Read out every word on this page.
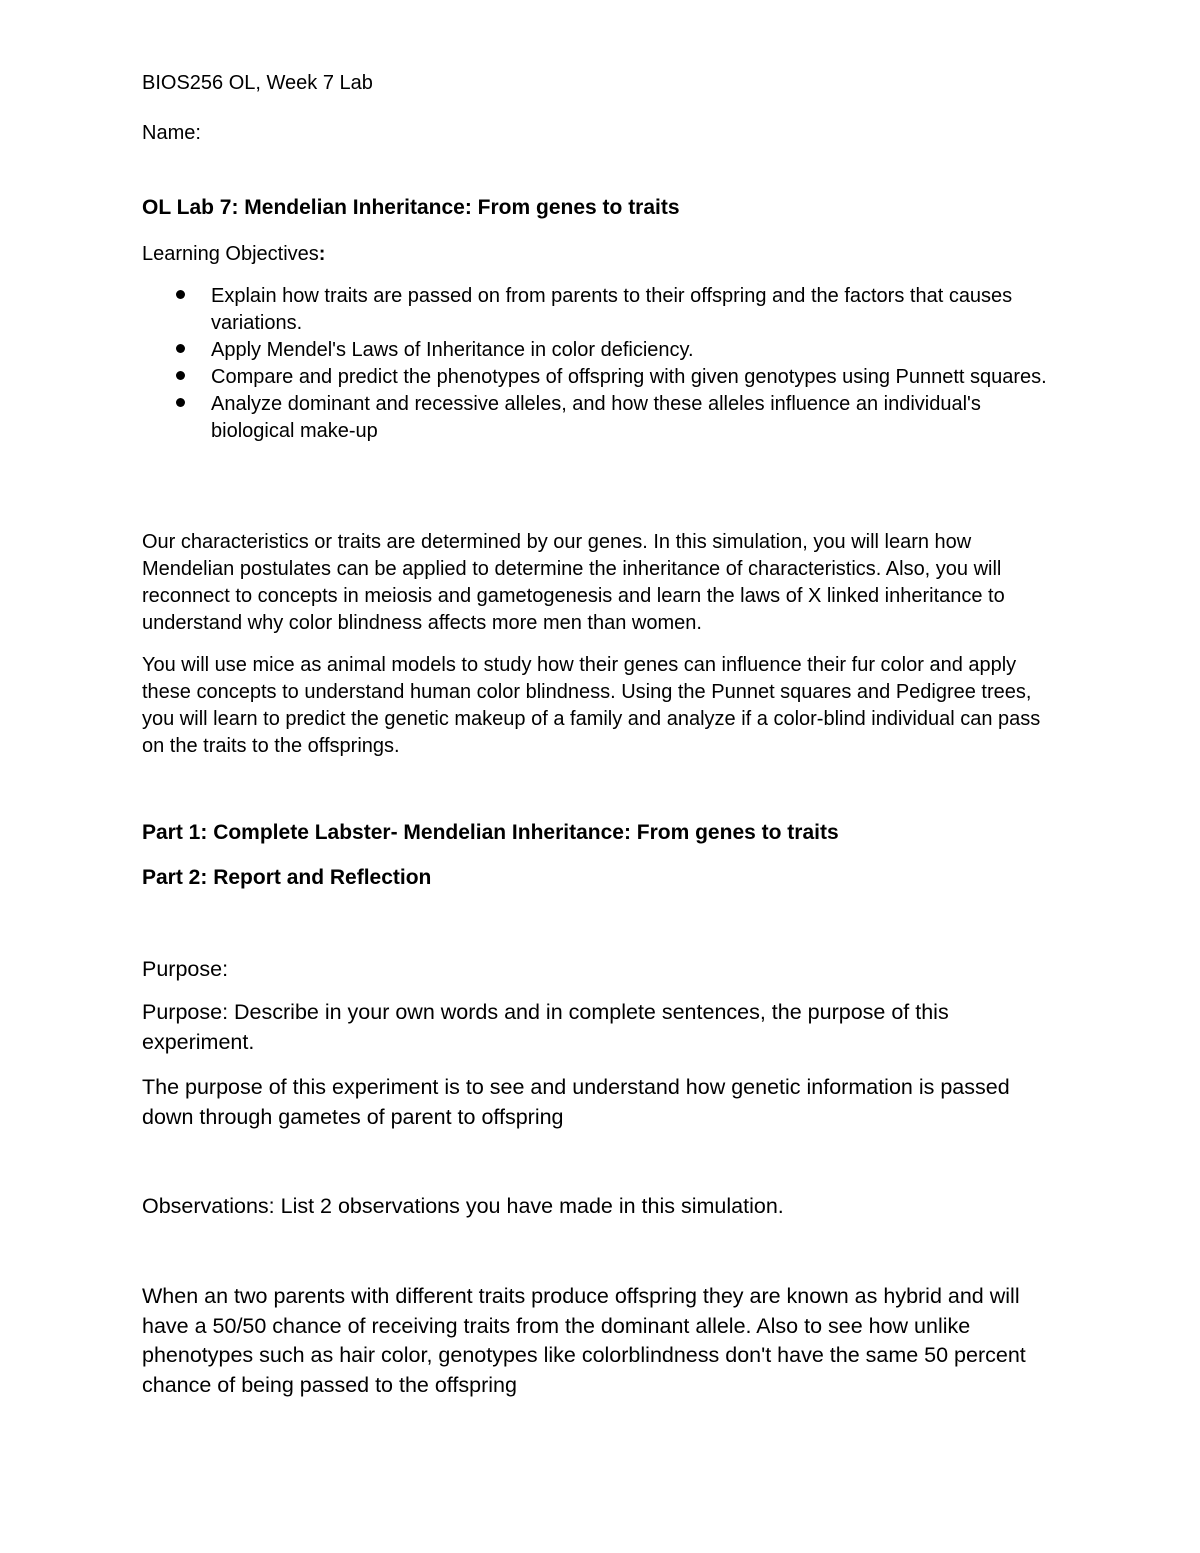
BIOS256 OL, Week 7 Lab

Name:

OL Lab 7: Mendelian Inheritance: From genes to traits

Learning Objectives:

Explain how traits are passed on from parents to their offspring and the factors that causes variations.
Apply Mendel's Laws of Inheritance in color deficiency.
Compare and predict the phenotypes of offspring with given genotypes using Punnett squares.
Analyze dominant and recessive alleles, and how these alleles influence an individual's biological make-up

Our characteristics or traits are determined by our genes. In this simulation, you will learn how Mendelian postulates can be applied to determine the inheritance of characteristics. Also, you will reconnect to concepts in meiosis and gametogenesis and learn the laws of X linked inheritance to understand why color blindness affects more men than women.

You will use mice as animal models to study how their genes can influence their fur color and apply these concepts to understand human color blindness. Using the Punnet squares and Pedigree trees, you will learn to predict the genetic makeup of a family and analyze if a color-blind individual can pass on the traits to the offsprings.

Part 1: Complete Labster- Mendelian Inheritance: From genes to traits
Part 2: Report and Reflection

Purpose:

Purpose: Describe in your own words and in complete sentences, the purpose of this experiment.

The purpose of this experiment is to see and understand how genetic information is passed down through gametes of parent to offspring

Observations: List 2 observations you have made in this simulation.

When an two parents with different traits produce offspring they are known as hybrid and will have a 50/50 chance of receiving traits from the dominant allele. Also to see how unlike phenotypes such as hair color, genotypes like colorblindness don't have the same 50 percent chance of being passed to the offspring
